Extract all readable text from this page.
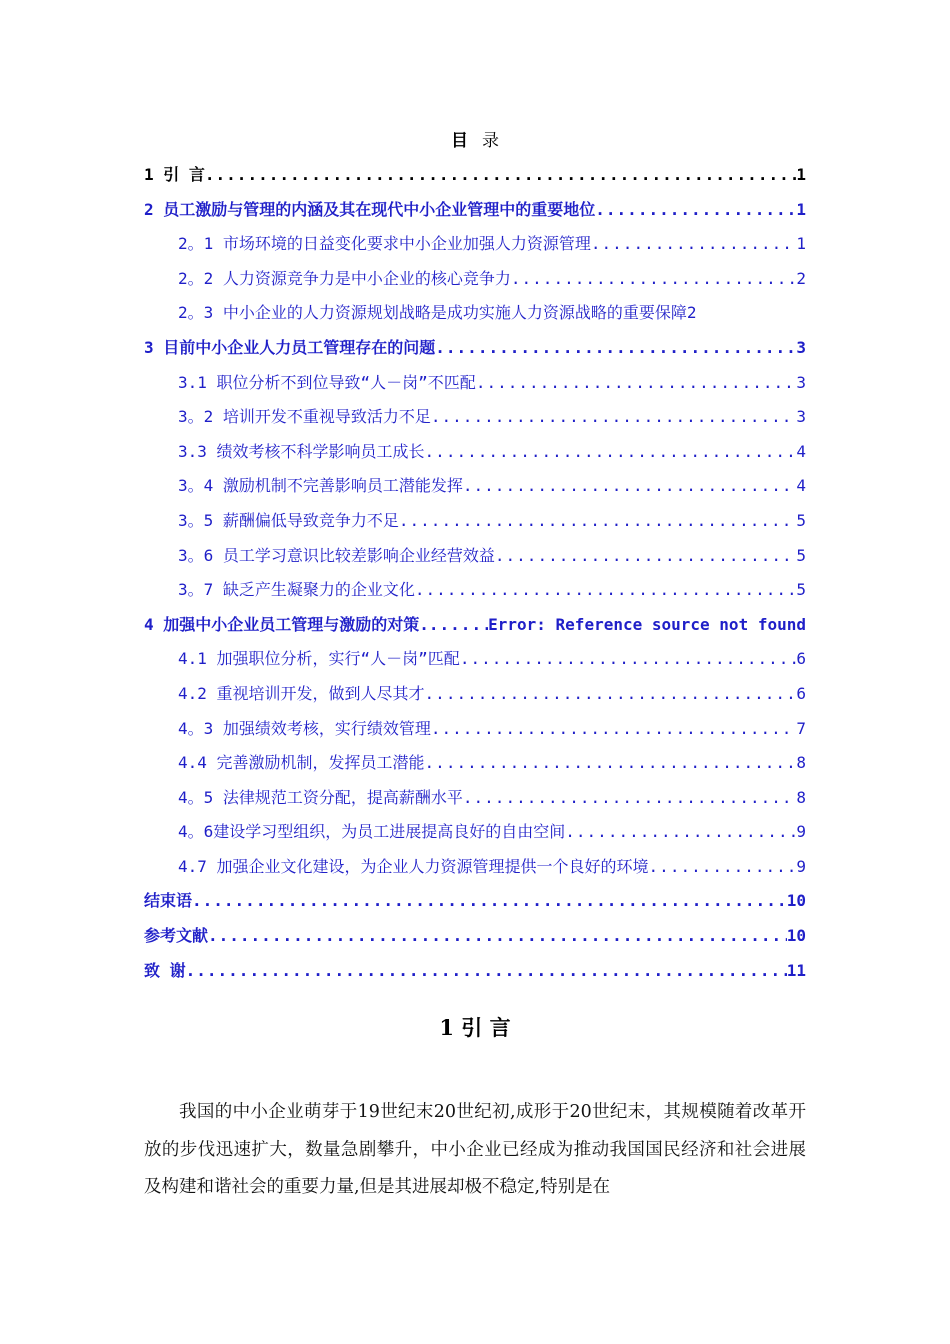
目 录
1 引 言 .....	1
2 员工激励与管理的内涵及其在现代中小企业管理中的重要地位 .....	1
2。1 市场环境的日益变化要求中小企业加强人力资源管理 .....	1
2。2 人力资源竞争力是中小企业的核心竞争力 .....	2
2。3 中小企业的人力资源规划战略是成功实施人力资源战略的重要保障 2
3 目前中小企业人力员工管理存在的问题 .....	3
3.1 职位分析不到位导致“人－岗”不匹配 .....	3
3。2 培训开发不重视导致活力不足 .....	3
3.3 绩效考核不科学影响员工成长 .....	4
3。4 激励机制不完善影响员工潜能发挥 .....	4
3。5 薪酬偏低导致竞争力不足 .....	5
3。6 员工学习意识比较差影响企业经营效益 .....	5
3。7 缺乏产生凝聚力的企业文化 .....	5
4 加强中小企业员工管理与激励的对策. .....	Error: Reference source not found
4.1 加强职位分析，实行“人－岗”匹配 .....	6
4.2 重视培训开发，做到人尽其才 .....	6
4。3 加强绩效考核，实行绩效管理 .....	7
4.4 完善激励机制，发挥员工潜能 .....	8
4。5 法律规范工资分配，提高薪酬水平 .....	8
4。6建设学习型组织，为员工进展提高良好的自由空间 .....	9
4.7 加强企业文化建设，为企业人力资源管理提供一个良好的环境 .....	9
结束语 .....	10
参考文献 .....	10
致 谢 .....	11
1 引 言
我国的中小企业萌芽于19世纪末20世纪初,成形于20世纪末，其规模随着改革开放的步伐迅速扩大，数量急剧攀升，中小企业已经成为推动我国国民经济和社会进展及构建和谐社会的重要力量,但是其进展却极不稳定,特别是在
